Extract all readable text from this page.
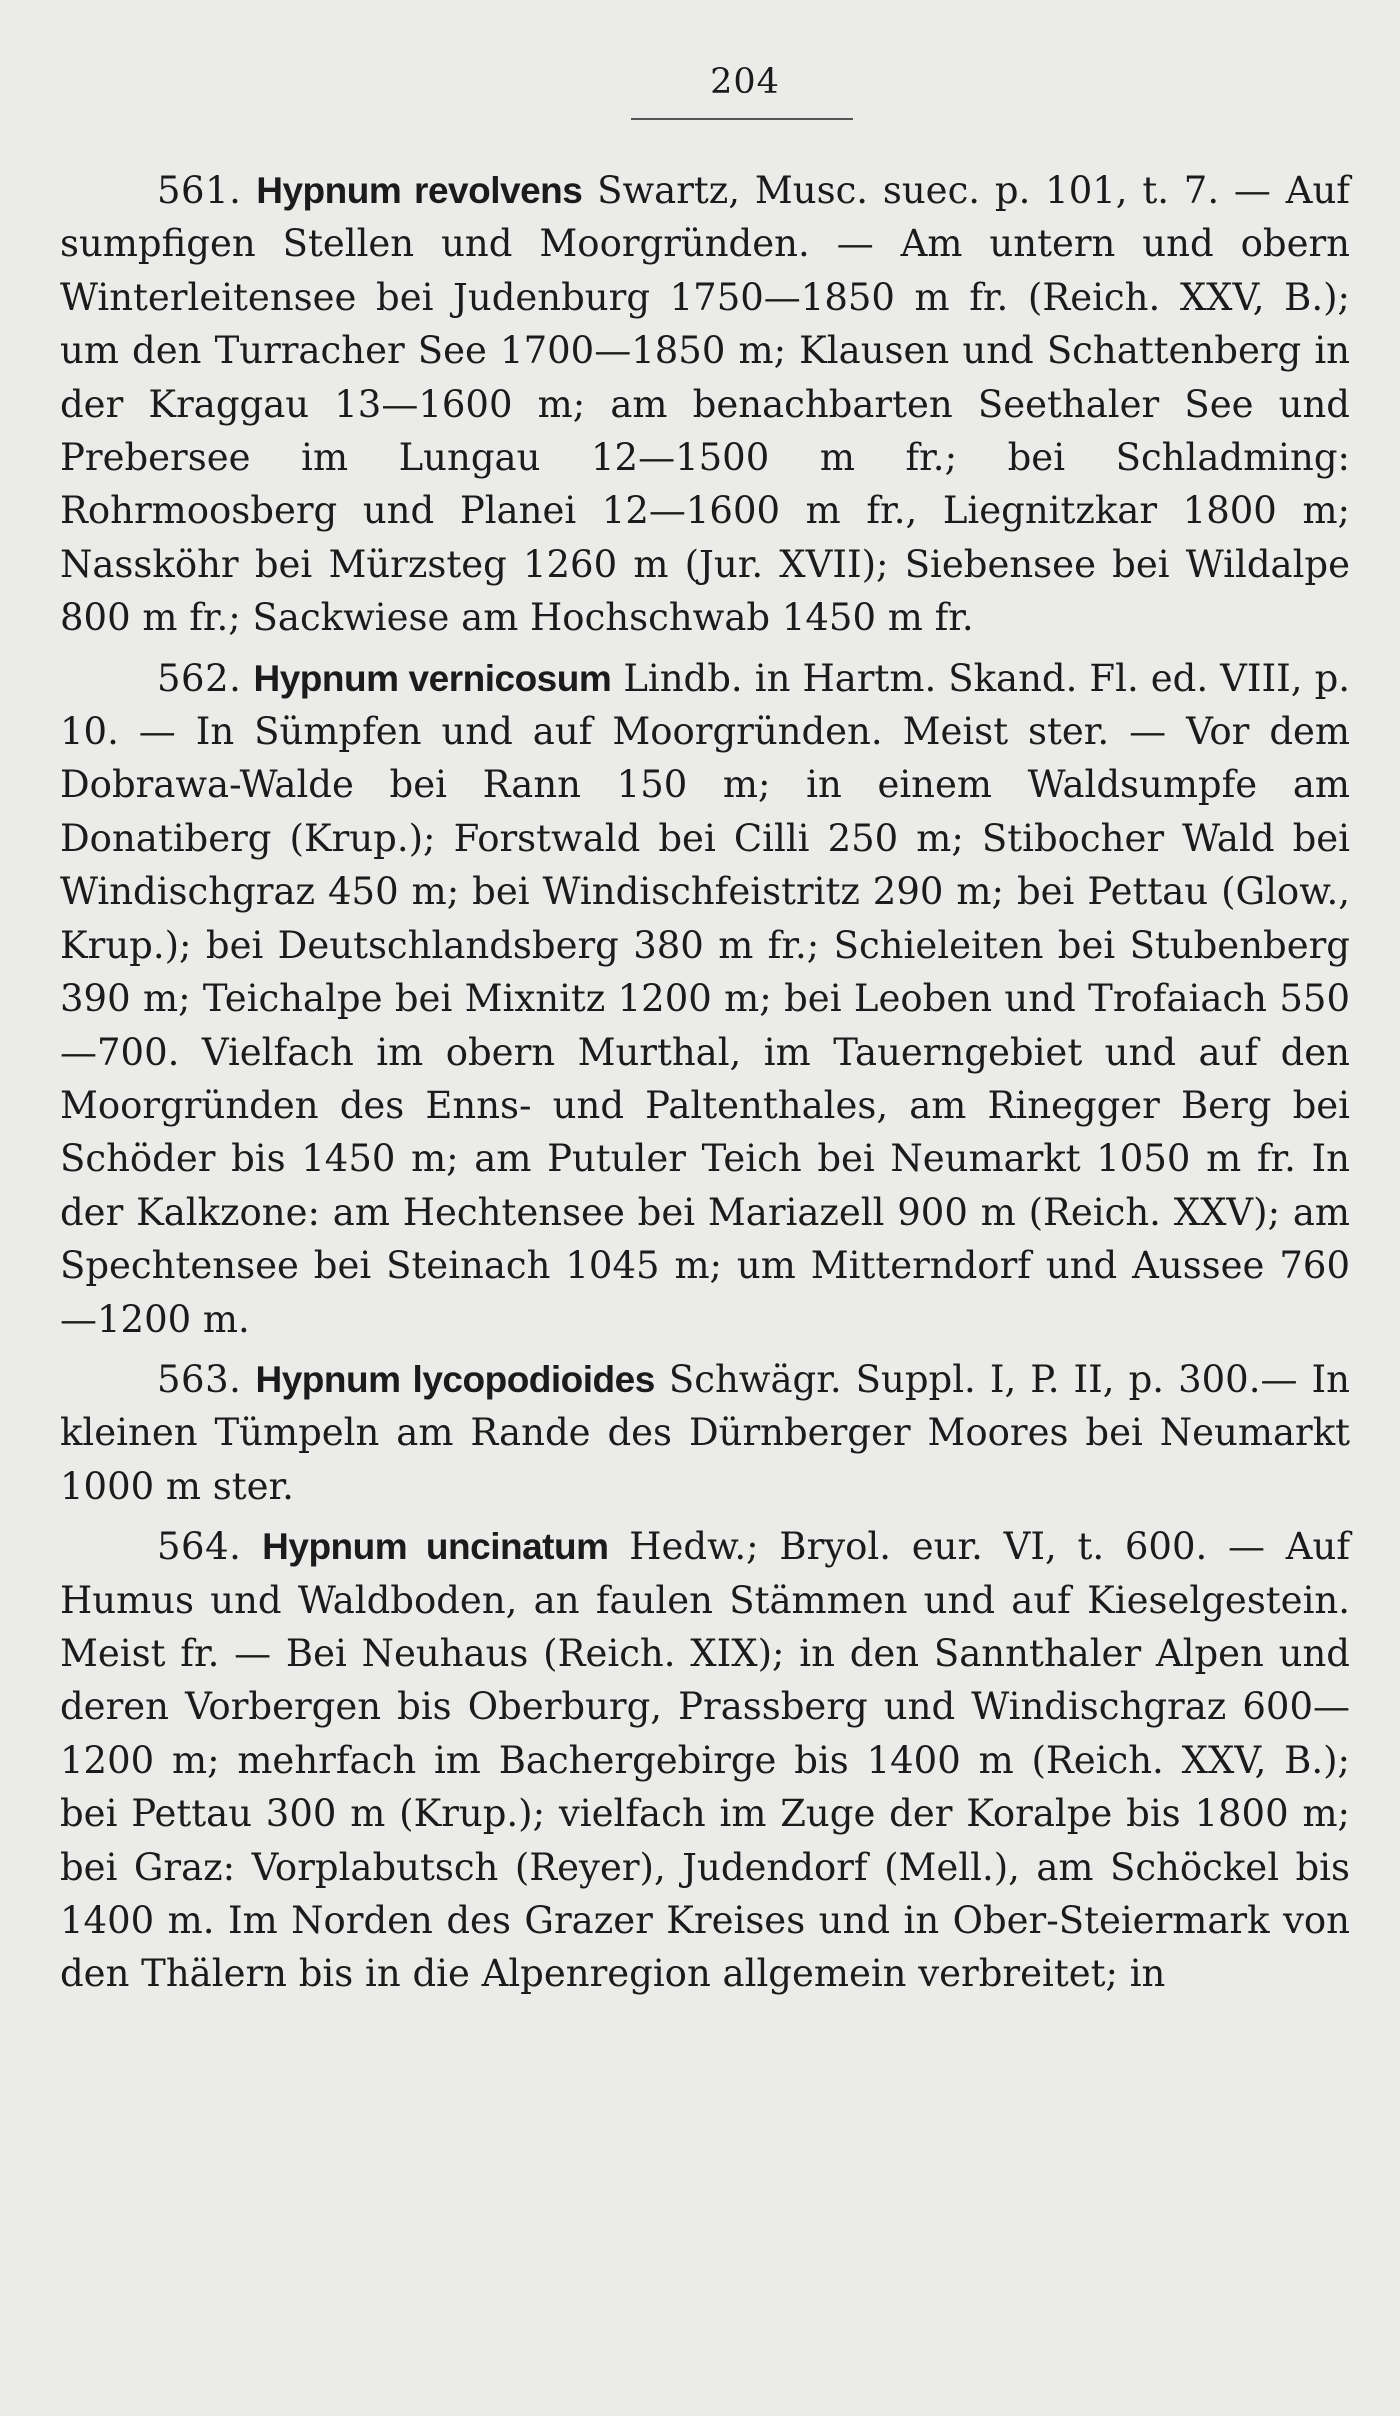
204

561. Hypnum revolvens Swartz, Musc. suec. p. 101, t. 7. — Auf sumpfigen Stellen und Moorgründen. — Am untern und obern Winterleitensee bei Judenburg 1750—1850 m fr. (Reich. XXV, B.); um den Turracher See 1700—1850 m; Klausen und Schattenberg in der Kraggau 13—1600 m; am benachbarten Seethaler See und Prebersee im Lungau 12—1500 m fr.; bei Schladming: Rohrmoosberg und Planei 12—1600 m fr., Liegnitzkar 1800 m; Nassköhr bei Mürzsteg 1260 m (Jur. XVII); Siebensee bei Wildalpe 800 m fr.; Sackwiese am Hochschwab 1450 m fr.

562. Hypnum vernicosum Lindb. in Hartm. Skand. Fl. ed. VIII, p. 10. — In Sümpfen und auf Moorgründen. Meist ster. — Vor dem Dobrawa-Walde bei Rann 150 m; in einem Waldsumpfe am Donatiberg (Krup.); Forstwald bei Cilli 250 m; Stibocher Wald bei Windischgraz 450 m; bei Windischfeistritz 290 m; bei Pettau (Glow., Krup.); bei Deutschlandsberg 380 m fr.; Schieleiten bei Stubenberg 390 m; Teichalpe bei Mixnitz 1200 m; bei Leoben und Trofaiach 550—700. Vielfach im obern Murthal, im Tauerngebiet und auf den Moorgründen des Enns- und Paltenthales, am Rinegger Berg bei Schöder bis 1450 m; am Putuler Teich bei Neumarkt 1050 m fr. In der Kalkzone: am Hechtensee bei Mariazell 900 m (Reich. XXV); am Spechtensee bei Steinach 1045 m; um Mitterndorf und Aussee 760—1200 m.

563. Hypnum lycopodioides Schwägr. Suppl. I, P. II, p. 300.— In kleinen Tümpeln am Rande des Dürnberger Moores bei Neumarkt 1000 m ster.

564. Hypnum uncinatum Hedw.; Bryol. eur. VI, t. 600. — Auf Humus und Waldboden, an faulen Stämmen und auf Kieselgestein. Meist fr. — Bei Neuhaus (Reich. XIX); in den Sannthaler Alpen und deren Vorbergen bis Oberburg, Prassberg und Windischgraz 600—1200 m; mehrfach im Bachergebirge bis 1400 m (Reich. XXV, B.); bei Pettau 300 m (Krup.); vielfach im Zuge der Koralpe bis 1800 m; bei Graz: Vorplabutsch (Reyer), Judendorf (Mell.), am Schöckel bis 1400 m. Im Norden des Grazer Kreises und in Ober-Steiermark von den Thälern bis in die Alpenregion allgemein verbreitet; in
